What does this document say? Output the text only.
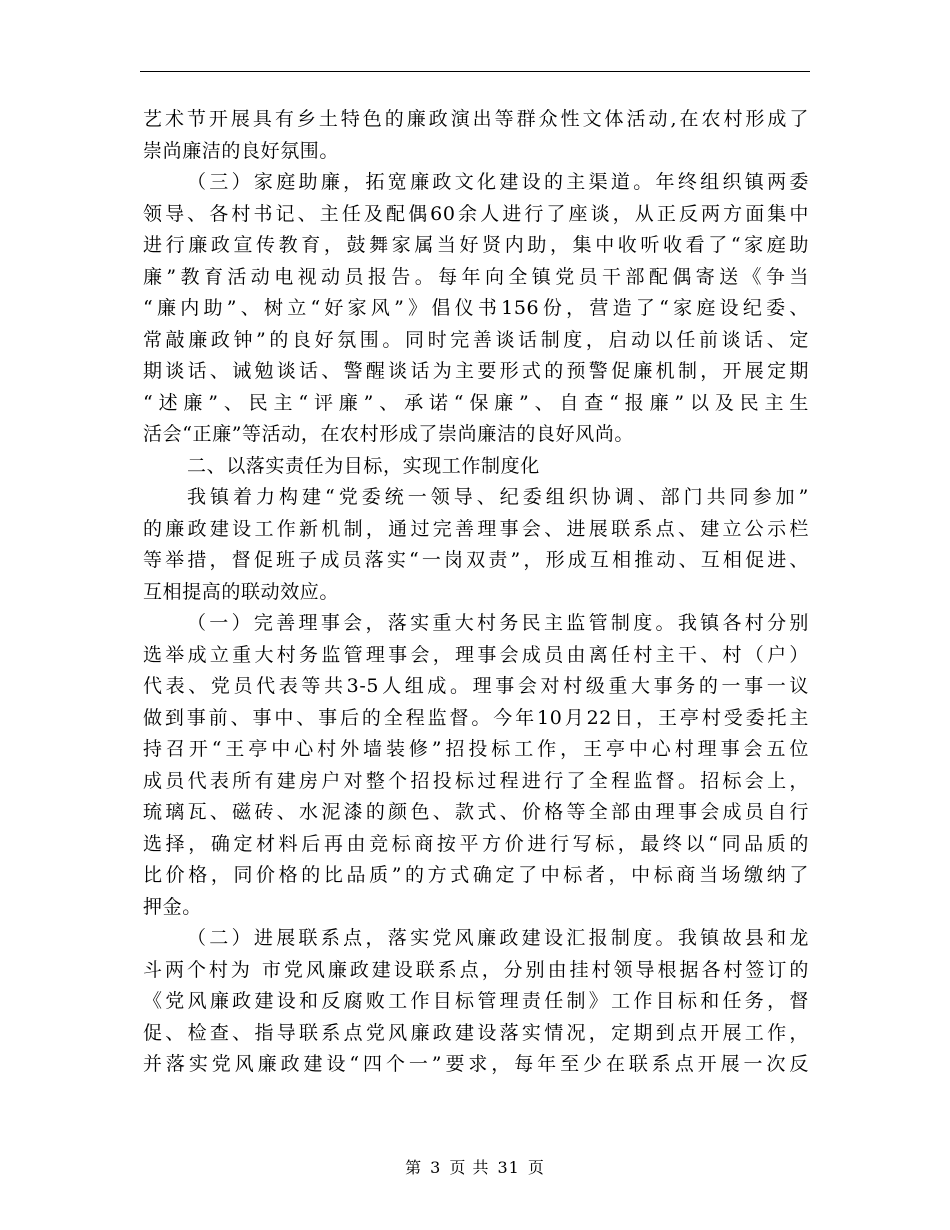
艺术节开展具有乡土特色的廉政演出等群众性文体活动,在农村形成了
崇尚廉洁的良好氛围。
（三）家庭助廉，拓宽廉政文化建设的主渠道。年终组织镇两委
领导、各村书记、主任及配偶60余人进行了座谈，从正反两方面集中
进行廉政宣传教育，鼓舞家属当好贤内助，集中收听收看了“家庭助
廉”教育活动电视动员报告。每年向全镇党员干部配偶寄送《争当
“廉内助”、树立“好家风”》倡仪书156份，营造了“家庭设纪委、
常敲廉政钟”的良好氛围。同时完善谈话制度，启动以任前谈话、定
期谈话、诫勉谈话、警醒谈话为主要形式的预警促廉机制，开展定期
“述廉”、民主“评廉”、承诺“保廉”、自查“报廉”以及民主生
活会“正廉”等活动，在农村形成了崇尚廉洁的良好风尚。
二、以落实责任为目标，实现工作制度化
我镇着力构建“党委统一领导、纪委组织协调、部门共同参加”
的廉政建设工作新机制，通过完善理事会、进展联系点、建立公示栏
等举措，督促班子成员落实“一岗双责”，形成互相推动、互相促进、
互相提高的联动效应。
（一）完善理事会，落实重大村务民主监管制度。我镇各村分别
选举成立重大村务监管理事会，理事会成员由离任村主干、村（户）
代表、党员代表等共3-5人组成。理事会对村级重大事务的一事一议
做到事前、事中、事后的全程监督。今年10月22日，王亭村受委托主
持召开“王亭中心村外墙装修”招投标工作，王亭中心村理事会五位
成员代表所有建房户对整个招投标过程进行了全程监督。招标会上，
琉璃瓦、磁砖、水泥漆的颜色、款式、价格等全部由理事会成员自行
选择，确定材料后再由竞标商按平方价进行写标，最终以“同品质的
比价格，同价格的比品质”的方式确定了中标者，中标商当场缴纳了
押金。
（二）进展联系点，落实党风廉政建设汇报制度。我镇故县和龙
斗两个村为 市党风廉政建设联系点，分别由挂村领导根据各村签订的
《党风廉政建设和反腐败工作目标管理责任制》工作目标和任务，督
促、检查、指导联系点党风廉政建设落实情况，定期到点开展工作，
并落实党风廉政建设“四个一”要求，每年至少在联系点开展一次反
第 3 页 共 31 页
